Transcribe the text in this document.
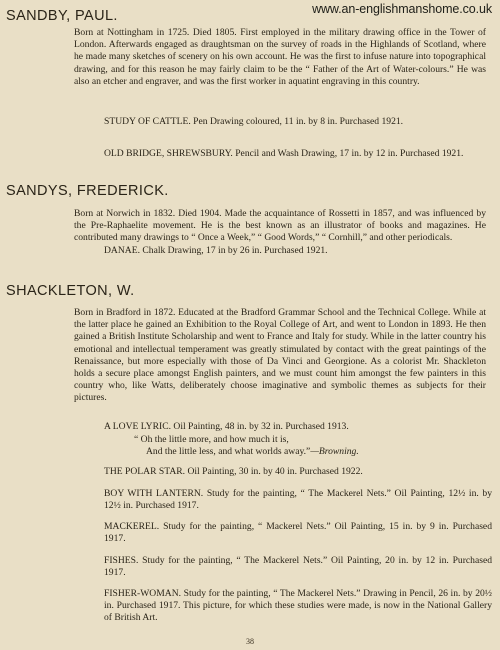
www.an-englishmanshome.co.uk
SANDBY, PAUL.
Born at Nottingham in 1725. Died 1805. First employed in the military drawing office in the Tower of London. Afterwards engaged as draughtsman on the survey of roads in the Highlands of Scotland, where he made many sketches of scenery on his own account. He was the first to infuse nature into topographical drawing, and for this reason he may fairly claim to be the “ Father of the Art of Water-colours.” He was also an etcher and engraver, and was the first worker in aquatint engraving in this country.
STUDY OF CATTLE. Pen Drawing coloured, 11 in. by 8 in. Purchased 1921.
OLD BRIDGE, SHREWSBURY. Pencil and Wash Drawing, 17 in. by 12 in. Purchased 1921.
SANDYS, FREDERICK.
Born at Norwich in 1832. Died 1904. Made the acquaintance of Rossetti in 1857, and was influenced by the Pre-Raphaelite movement. He is the best known as an illustrator of books and magazines. He contributed many drawings to “ Once a Week,” “ Good Words,” “ Cornhill,” and other periodicals.
DANAE. Chalk Drawing, 17 in by 26 in. Purchased 1921.
SHACKLETON, W.
Born in Bradford in 1872. Educated at the Bradford Grammar School and the Technical College. While at the latter place he gained an Exhibition to the Royal College of Art, and went to London in 1893. He then gained a British Institute Scholarship and went to France and Italy for study. While in the latter country his emotional and intellectual temperament was greatly stimulated by contact with the great paintings of the Renaissance, but more especially with those of Da Vinci and Georgione. As a colorist Mr. Shackleton holds a secure place amongst English painters, and we must count him amongst the few painters in this country who, like Watts, deliberately choose imaginative and symbolic themes as subjects for their pictures.
A LOVE LYRIC. Oil Painting, 48 in. by 32 in. Purchased 1913.
“ Oh the little more, and how much it is,
And the little less, and what worlds away.”—Browning.
THE POLAR STAR. Oil Painting, 30 in. by 40 in. Purchased 1922.
BOY WITH LANTERN. Study for the painting, “ The Mackerel Nets.” Oil Painting, 12½ in. by 12½ in. Purchased 1917.
MACKEREL. Study for the painting, “ Mackerel Nets.” Oil Painting, 15 in. by 9 in. Purchased 1917.
FISHES. Study for the painting, “ The Mackerel Nets.” Oil Painting, 20 in. by 12 in. Purchased 1917.
FISHER-WOMAN. Study for the painting, “ The Mackerel Nets.” Drawing in Pencil, 26 in. by 20½ in. Purchased 1917. This picture, for which these studies were made, is now in the National Gallery of British Art.
38
